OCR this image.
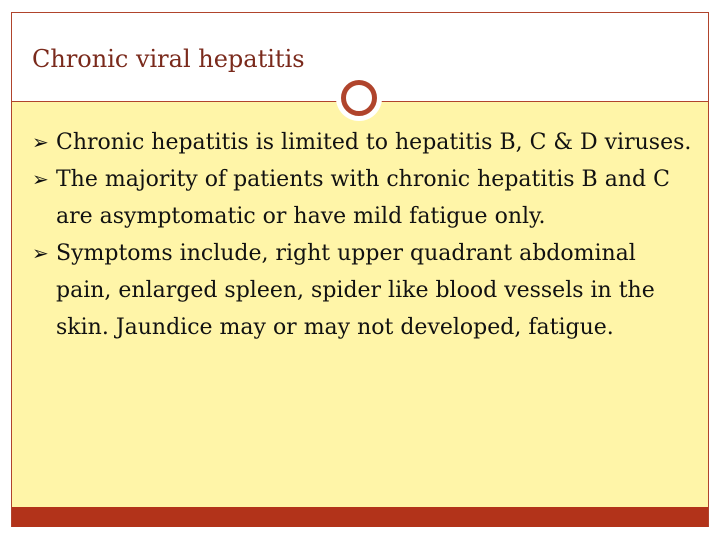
Chronic viral hepatitis
➢ Chronic hepatitis is limited to hepatitis B, C & D viruses.
➢ The majority of patients with chronic hepatitis B and C are asymptomatic or have mild fatigue only.
➢ Symptoms include, right upper quadrant abdominal pain, enlarged spleen, spider like blood vessels in the skin. Jaundice may or may not developed, fatigue.
